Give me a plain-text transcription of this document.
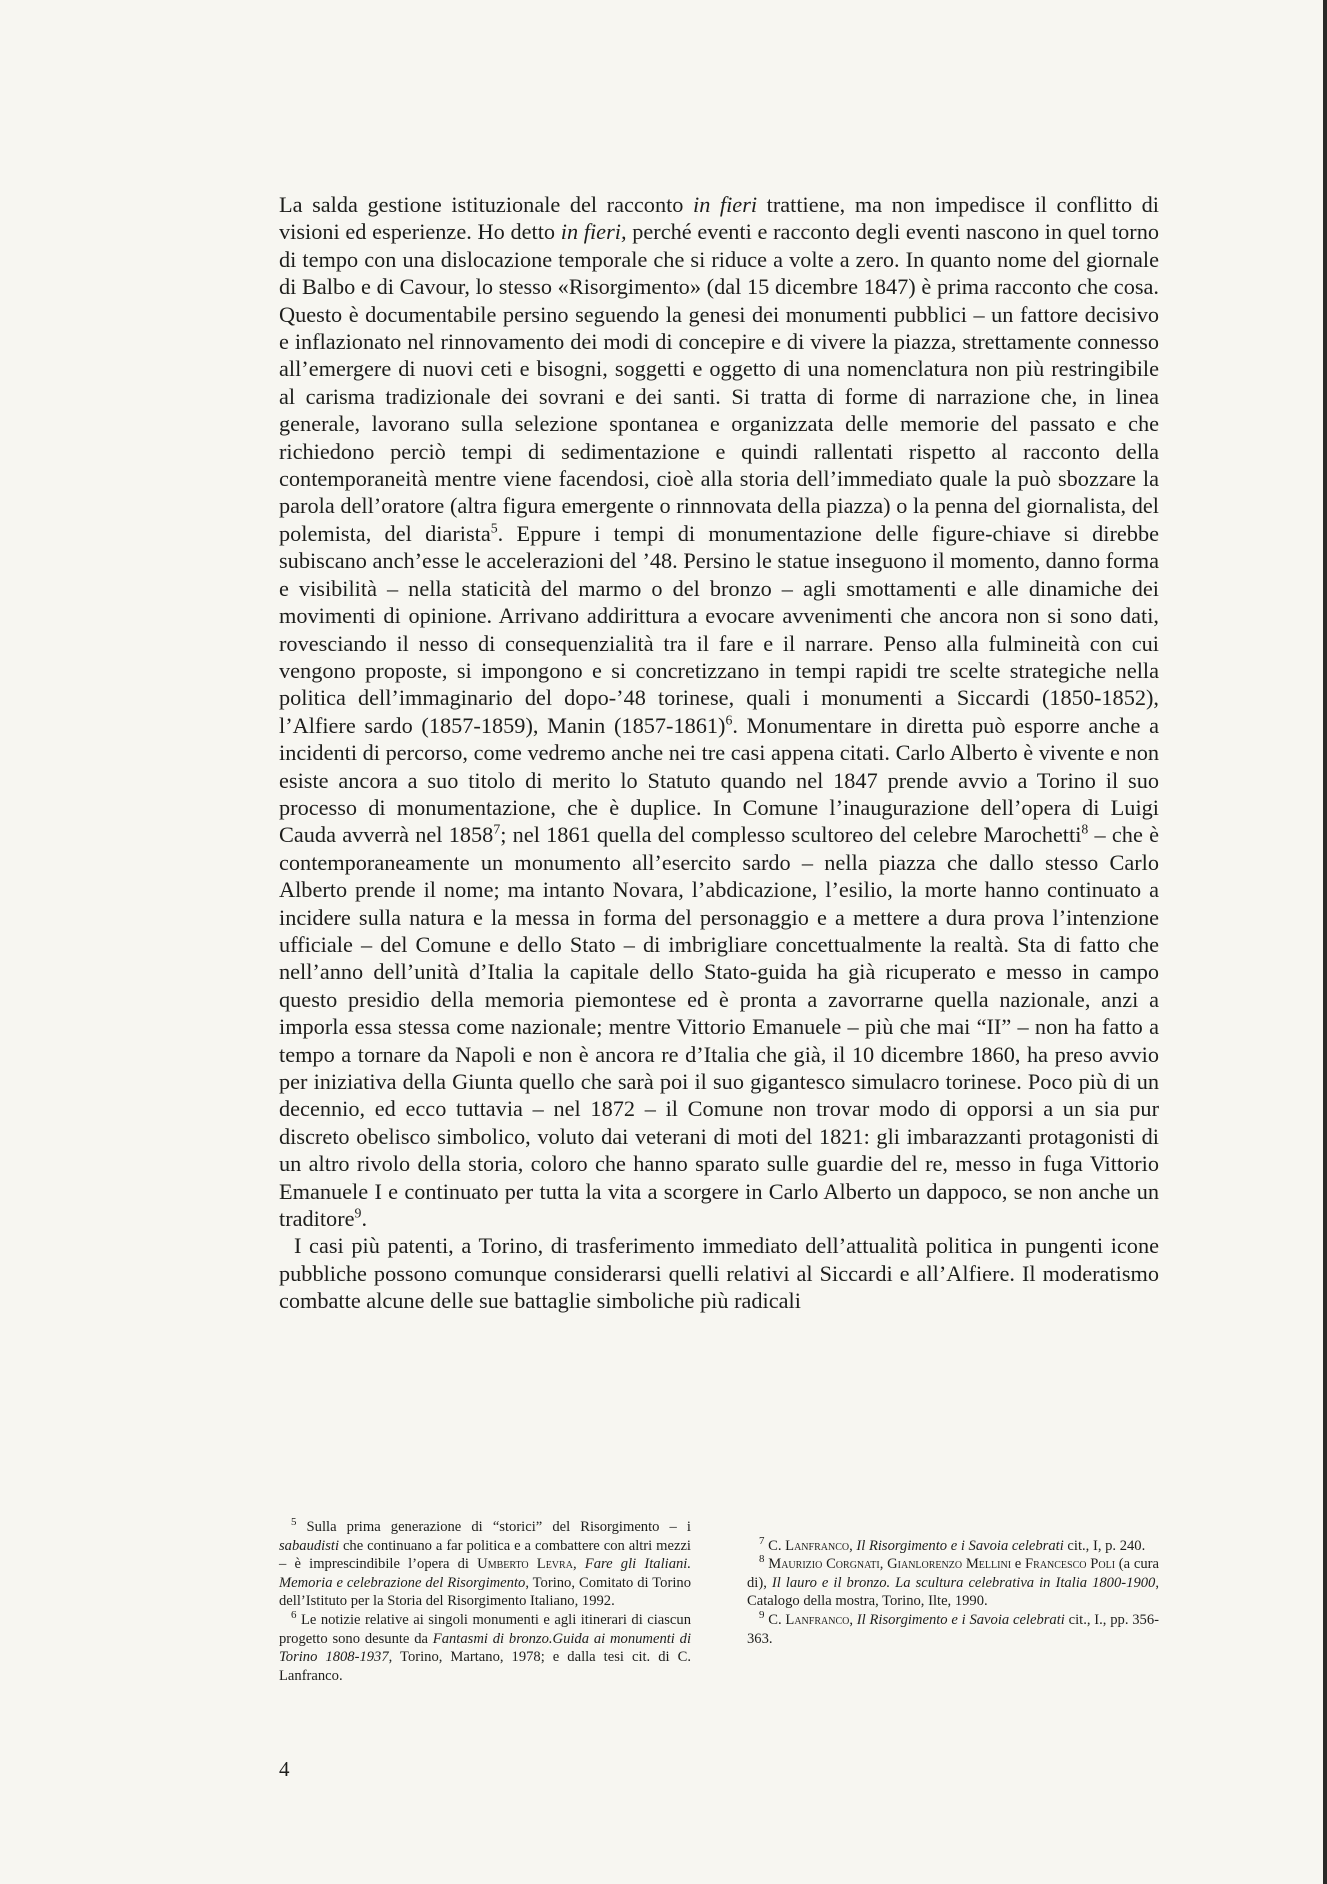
La salda gestione istituzionale del racconto in fieri trattiene, ma non impedisce il conflitto di visioni ed esperienze. Ho detto in fieri, perché eventi e racconto degli eventi nascono in quel torno di tempo con una dislocazione temporale che si riduce a volte a zero. In quanto nome del giornale di Balbo e di Cavour, lo stesso «Risorgimento» (dal 15 dicembre 1847) è prima racconto che cosa. Questo è documentabile persino seguendo la genesi dei monumenti pubblici – un fattore decisivo e inflazionato nel rinnovamento dei modi di concepire e di vivere la piazza, strettamente connesso all’emergere di nuovi ceti e bisogni, soggetti e oggetto di una nomenclatura non più restringibile al carisma tradizionale dei sovrani e dei santi. Si tratta di forme di narrazione che, in linea generale, lavorano sulla selezione spontanea e organizzata delle memorie del passato e che richiedono perciò tempi di sedimentazione e quindi rallentati rispetto al racconto della contemporaneità mentre viene facendosi, cioè alla storia dell’immediato quale la può sbozzare la parola dell’oratore (altra figura emergente o rinnnovata della piazza) o la penna del giornalista, del polemista, del diarista$^5$. Eppure i tempi di monumentazione delle figure-chiave si direbbe subiscano anch’esse le accelerazioni del ’48. Persino le statue inseguono il momento, danno forma e visibilità – nella staticità del marmo o del bronzo – agli smottamenti e alle dinamiche dei movimenti di opinione. Arrivano addirittura a evocare avvenimenti che ancora non si sono dati, rovesciando il nesso di consequenzialità tra il fare e il narrare. Penso alla fulmineità con cui vengono proposte, si impongono e si concretizzano in tempi rapidi tre scelte strategiche nella politica dell’immaginario del dopo-’48 torinese, quali i monumenti a Siccardi (1850-1852), l’Alfiere sardo (1857-1859), Manin (1857-1861)$^6$. Monumentare in diretta può esporre anche a incidenti di percorso, come vedremo anche nei tre casi appena citati. Carlo Alberto è vivente e non esiste ancora a suo titolo di merito lo Statuto quando nel 1847 prende avvio a Torino il suo processo di monumentazione, che è duplice. In Comune l’inaugurazione dell’opera di Luigi Cauda avverrà nel 1858$^7$; nel 1861 quella del complesso scultoreo del celebre Marochetti$^8$ – che è contemporaneamente un monumento all’esercito sardo – nella piazza che dallo stesso Carlo Alberto prende il nome; ma intanto Novara, l’abdicazione, l’esilio, la morte hanno continuato a incidere sulla natura e la messa in forma del personaggio e a mettere a dura prova l’intenzione ufficiale – del Comune e dello Stato – di imbrigliare concettualmente la realtà. Sta di fatto che nell’anno dell’unità d’Italia la capitale dello Stato-guida ha già ricuperato e messo in campo questo presidio della memoria piemontese ed è pronta a zavorrarne quella nazionale, anzi a imporla essa stessa come nazionale; mentre Vittorio Emanuele – più che mai “II” – non ha fatto a tempo a tornare da Napoli e non è ancora re d’Italia che già, il 10 dicembre 1860, ha preso avvio per iniziativa della Giunta quello che sarà poi il suo gigantesco simulacro torinese. Poco più di un decennio, ed ecco tuttavia – nel 1872 – il Comune non trovar modo di opporsi a un sia pur discreto obelisco simbolico, voluto dai veterani di moti del 1821: gli imbarazzanti protagonisti di un altro rivolo della storia, coloro che hanno sparato sulle guardie del re, messo in fuga Vittorio Emanuele I e continuato per tutta la vita a scorgere in Carlo Alberto un dappoco, se non anche un traditore$^9$.

I casi più patenti, a Torino, di trasferimento immediato dell’attualità politica in pungenti icone pubbliche possono comunque considerarsi quelli relativi al Siccardi e all’Alfiere. Il moderatismo combatte alcune delle sue battaglie simboliche più radicali

$^5$ Sulla prima generazione di “storici” del Risorgimento – i sabaudisti che continuano a far politica e a combattere con altri mezzi – è imprescindibile l’opera di Umberto Levra, Fare gli Italiani. Memoria e celebrazione del Risorgimento, Torino, Comitato di Torino dell’Istituto per la Storia del Risorgimento Italiano, 1992.

$^6$ Le notizie relative ai singoli monumenti e agli itinerari di ciascun progetto sono desunte da Fantasmi di bronzo.Guida ai monumenti di Torino 1808-1937, Torino, Martano, 1978; e dalla tesi cit. di C. Lanfranco.

$^7$ C. Lanfranco, Il Risorgimento e i Savoia celebrati cit., I, p. 240.

$^8$ Maurizio Corgnati, Gianlorenzo Mellini e Francesco Poli (a cura di), Il lauro e il bronzo. La scultura celebrativa in Italia 1800-1900, Catalogo della mostra, Torino, Ilte, 1990.

$^9$ C. Lanfranco, Il Risorgimento e i Savoia celebrati cit., I., pp. 356-363.

4
